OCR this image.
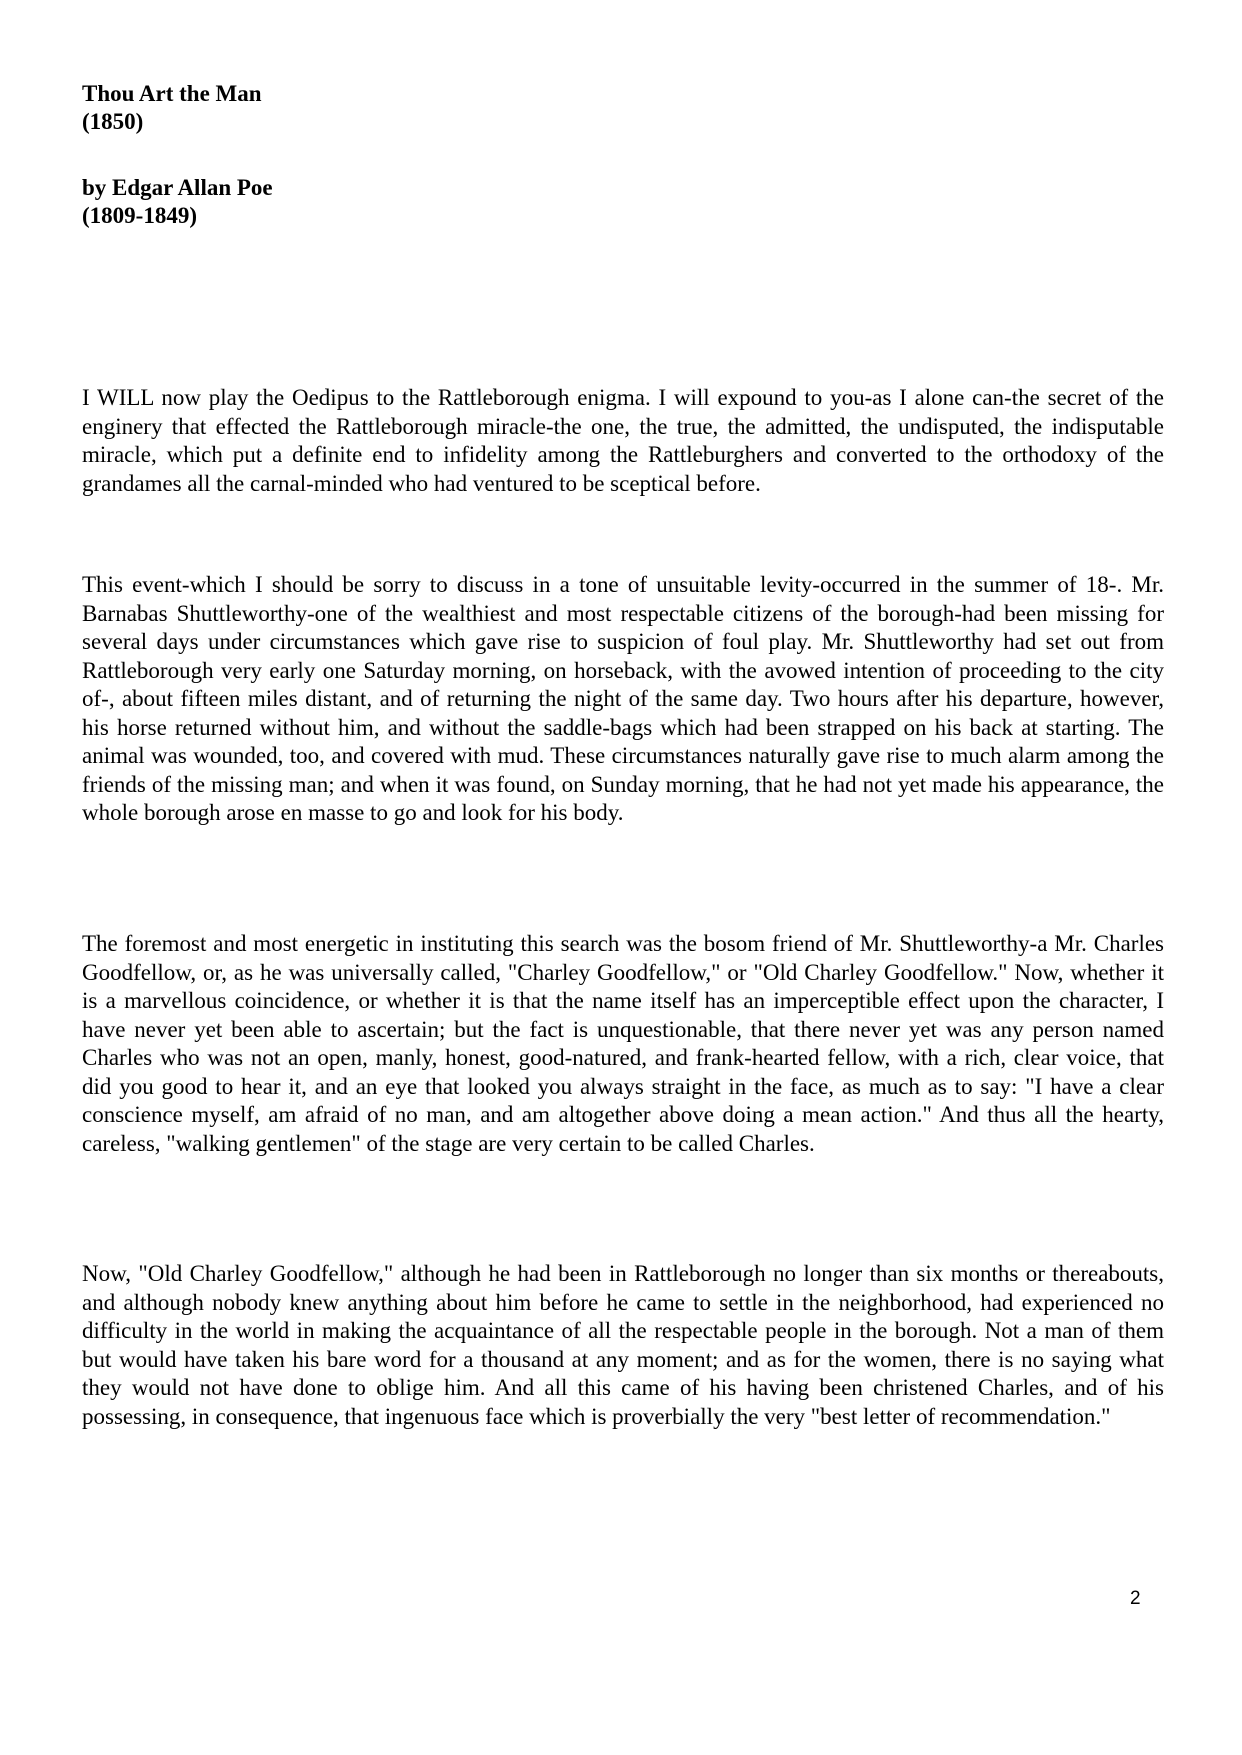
Thou Art the Man
(1850)
by Edgar Allan Poe
(1809-1849)

I WILL now play the Oedipus to the Rattleborough enigma. I will expound to you-as I alone can-the secret of the enginery that effected the Rattleborough miracle-the one, the true, the admitted, the undisputed, the indisputable miracle, which put a definite end to infidelity among the Rattleburghers and converted to the orthodoxy of the grandames all the carnal-minded who had ventured to be sceptical before.

This event-which I should be sorry to discuss in a tone of unsuitable levity-occurred in the summer of 18-. Mr. Barnabas Shuttleworthy-one of the wealthiest and most respectable citizens of the borough-had been missing for several days under circumstances which gave rise to suspicion of foul play. Mr. Shuttleworthy had set out from Rattleborough very early one Saturday morning, on horseback, with the avowed intention of proceeding to the city of-, about fifteen miles distant, and of returning the night of the same day. Two hours after his departure, however, his horse returned without him, and without the saddle-bags which had been strapped on his back at starting. The animal was wounded, too, and covered with mud. These circumstances naturally gave rise to much alarm among the friends of the missing man; and when it was found, on Sunday morning, that he had not yet made his appearance, the whole borough arose en masse to go and look for his body.

The foremost and most energetic in instituting this search was the bosom friend of Mr. Shuttleworthy-a Mr. Charles Goodfellow, or, as he was universally called, "Charley Goodfellow," or "Old Charley Goodfellow." Now, whether it is a marvellous coincidence, or whether it is that the name itself has an imperceptible effect upon the character, I have never yet been able to ascertain; but the fact is unquestionable, that there never yet was any person named Charles who was not an open, manly, honest, good-natured, and frank-hearted fellow, with a rich, clear voice, that did you good to hear it, and an eye that looked you always straight in the face, as much as to say: "I have a clear conscience myself, am afraid of no man, and am altogether above doing a mean action." And thus all the hearty, careless, "walking gentlemen" of the stage are very certain to be called Charles.

Now, "Old Charley Goodfellow," although he had been in Rattleborough no longer than six months or thereabouts, and although nobody knew anything about him before he came to settle in the neighborhood, had experienced no difficulty in the world in making the acquaintance of all the respectable people in the borough. Not a man of them but would have taken his bare word for a thousand at any moment; and as for the women, there is no saying what they would not have done to oblige him. And all this came of his having been christened Charles, and of his possessing, in consequence, that ingenuous face which is proverbially the very "best letter of recommendation."

2
